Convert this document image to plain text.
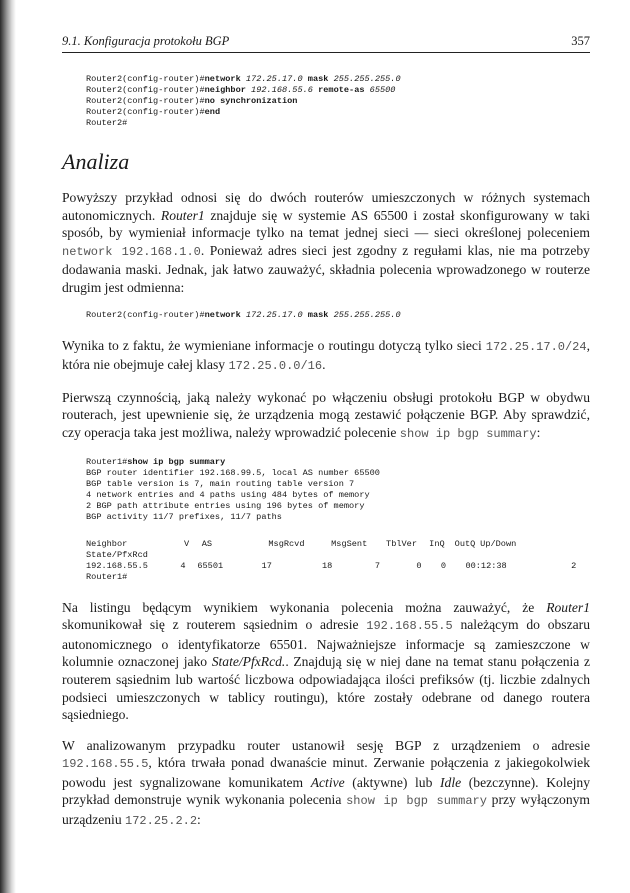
9.1. Konfiguracja protokołu BGP	357
Router2(config-router)#network 172.25.17.0 mask 255.255.255.0
Router2(config-router)#neighbor 192.168.55.6 remote-as 65500
Router2(config-router)#no synchronization
Router2(config-router)#end
Router2#
Analiza

Powyższy przykład odnosi się do dwóch routerów umieszczonych w różnych systemach autonomicznych. Router1 znajduje się w systemie AS 65500 i został skonfigurowany w taki sposób, by wymieniał informacje tylko na temat jednej sieci — sieci określonej poleceniem network 192.168.1.0. Ponieważ adres sieci jest zgodny z regułami klas, nie ma potrzeby dodawania maski. Jednak, jak łatwo zauważyć, składnia polecenia wprowadzonego w routerze drugim jest odmienna:

Router2(config-router)#network 172.25.17.0 mask 255.255.255.0

Wynika to z faktu, że wymieniane informacje o routingu dotyczą tylko sieci 172.25.17.0/24, która nie obejmuje całej klasy 172.25.0.0/16.

Pierwszą czynnością, jaką należy wykonać po włączeniu obsługi protokołu BGP w obydwu routerach, jest upewnienie się, że urządzenia mogą zestawić połączenie BGP. Aby sprawdzić, czy operacja taka jest możliwa, należy wprowadzić polecenie show ip bgp summary:

Router1#show ip bgp summary
BGP router identifier 192.168.99.5, local AS number 65500
BGP table version is 7, main routing table version 7
4 network entries and 4 paths using 484 bytes of memory
2 BGP path attribute entries using 196 bytes of memory
BGP activity 11/7 prefixes, 11/7 paths
Neighbor	V	AS	MsgRcvd	MsgSent	TblVer	InQ	OutQ Up/Down
State/PfxRcd
192.168.55.5	4	65501	17	18	7	0	0	00:12:38	2
Router1#

Na listingu będącym wynikiem wykonania polecenia można zauważyć, że Router1 skomunikował się z routerem sąsiednim o adresie 192.168.55.5 należącym do obszaru autonomicznego o identyfikatorze 65501. Najważniejsze informacje są zamieszczone w kolumnie oznaczonej jako State/PfxRcd.. Znajdują się w niej dane na temat stanu połączenia z routerem sąsiednim lub wartość liczbowa odpowiadająca ilości prefiksów (tj. liczbie zdalnych podsieci umieszczonych w tablicy routingu), które zostały odebrane od danego routera sąsiedniego.

W analizowanym przypadku router ustanowił sesję BGP z urządzeniem o adresie 192.168.55.5, która trwała ponad dwanaście minut. Zerwanie połączenia z jakiegokolwiek powodu jest sygnalizowane komunikatem Active (aktywne) lub Idle (bezczynne). Kolejny przykład demonstruje wynik wykonania polecenia show ip bgp summary przy wyłączonym urządzeniu 172.25.2.2:
